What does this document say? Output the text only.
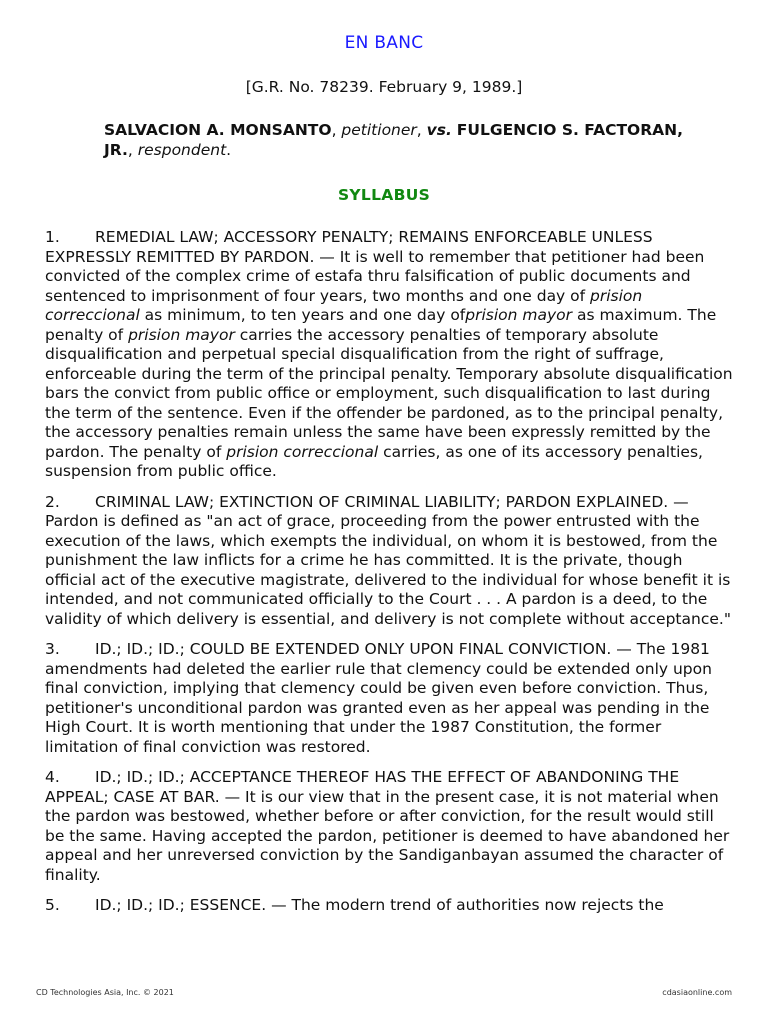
EN BANC
[G.R. No. 78239. February 9, 1989.]
SALVACION A. MONSANTO, petitioner, vs. FULGENCIO S. FACTORAN, JR., respondent.
SYLLABUS

1. REMEDIAL LAW; ACCESSORY PENALTY; REMAINS ENFORCEABLE UNLESS EXPRESSLY REMITTED BY PARDON. — It is well to remember that petitioner had been convicted of the complex crime of estafa thru falsification of public documents and sentenced to imprisonment of four years, two months and one day of prision correccional as minimum, to ten years and one day ofprision mayor as maximum. The penalty of prision mayor carries the accessory penalties of temporary absolute disqualification and perpetual special disqualification from the right of suffrage, enforceable during the term of the principal penalty. Temporary absolute disqualification bars the convict from public office or employment, such disqualification to last during the term of the sentence. Even if the offender be pardoned, as to the principal penalty, the accessory penalties remain unless the same have been expressly remitted by the pardon. The penalty of prision correccional carries, as one of its accessory penalties, suspension from public office.

2. CRIMINAL LAW; EXTINCTION OF CRIMINAL LIABILITY; PARDON EXPLAINED. — Pardon is defined as "an act of grace, proceeding from the power entrusted with the execution of the laws, which exempts the individual, on whom it is bestowed, from the punishment the law inflicts for a crime he has committed. It is the private, though official act of the executive magistrate, delivered to the individual for whose benefit it is intended, and not communicated officially to the Court . . . A pardon is a deed, to the validity of which delivery is essential, and delivery is not complete without acceptance."

3. ID.; ID.; ID.; COULD BE EXTENDED ONLY UPON FINAL CONVICTION. — The 1981 amendments had deleted the earlier rule that clemency could be extended only upon final conviction, implying that clemency could be given even before conviction. Thus, petitioner's unconditional pardon was granted even as her appeal was pending in the High Court. It is worth mentioning that under the 1987 Constitution, the former limitation of final conviction was restored.

4. ID.; ID.; ID.; ACCEPTANCE THEREOF HAS THE EFFECT OF ABANDONING THE APPEAL; CASE AT BAR. — It is our view that in the present case, it is not material when the pardon was bestowed, whether before or after conviction, for the result would still be the same. Having accepted the pardon, petitioner is deemed to have abandoned her appeal and her unreversed conviction by the Sandiganbayan assumed the character of finality.

5. ID.; ID.; ID.; ESSENCE. — The modern trend of authorities now rejects the

CD Technologies Asia, Inc. © 2021	cdasiaonline.com
